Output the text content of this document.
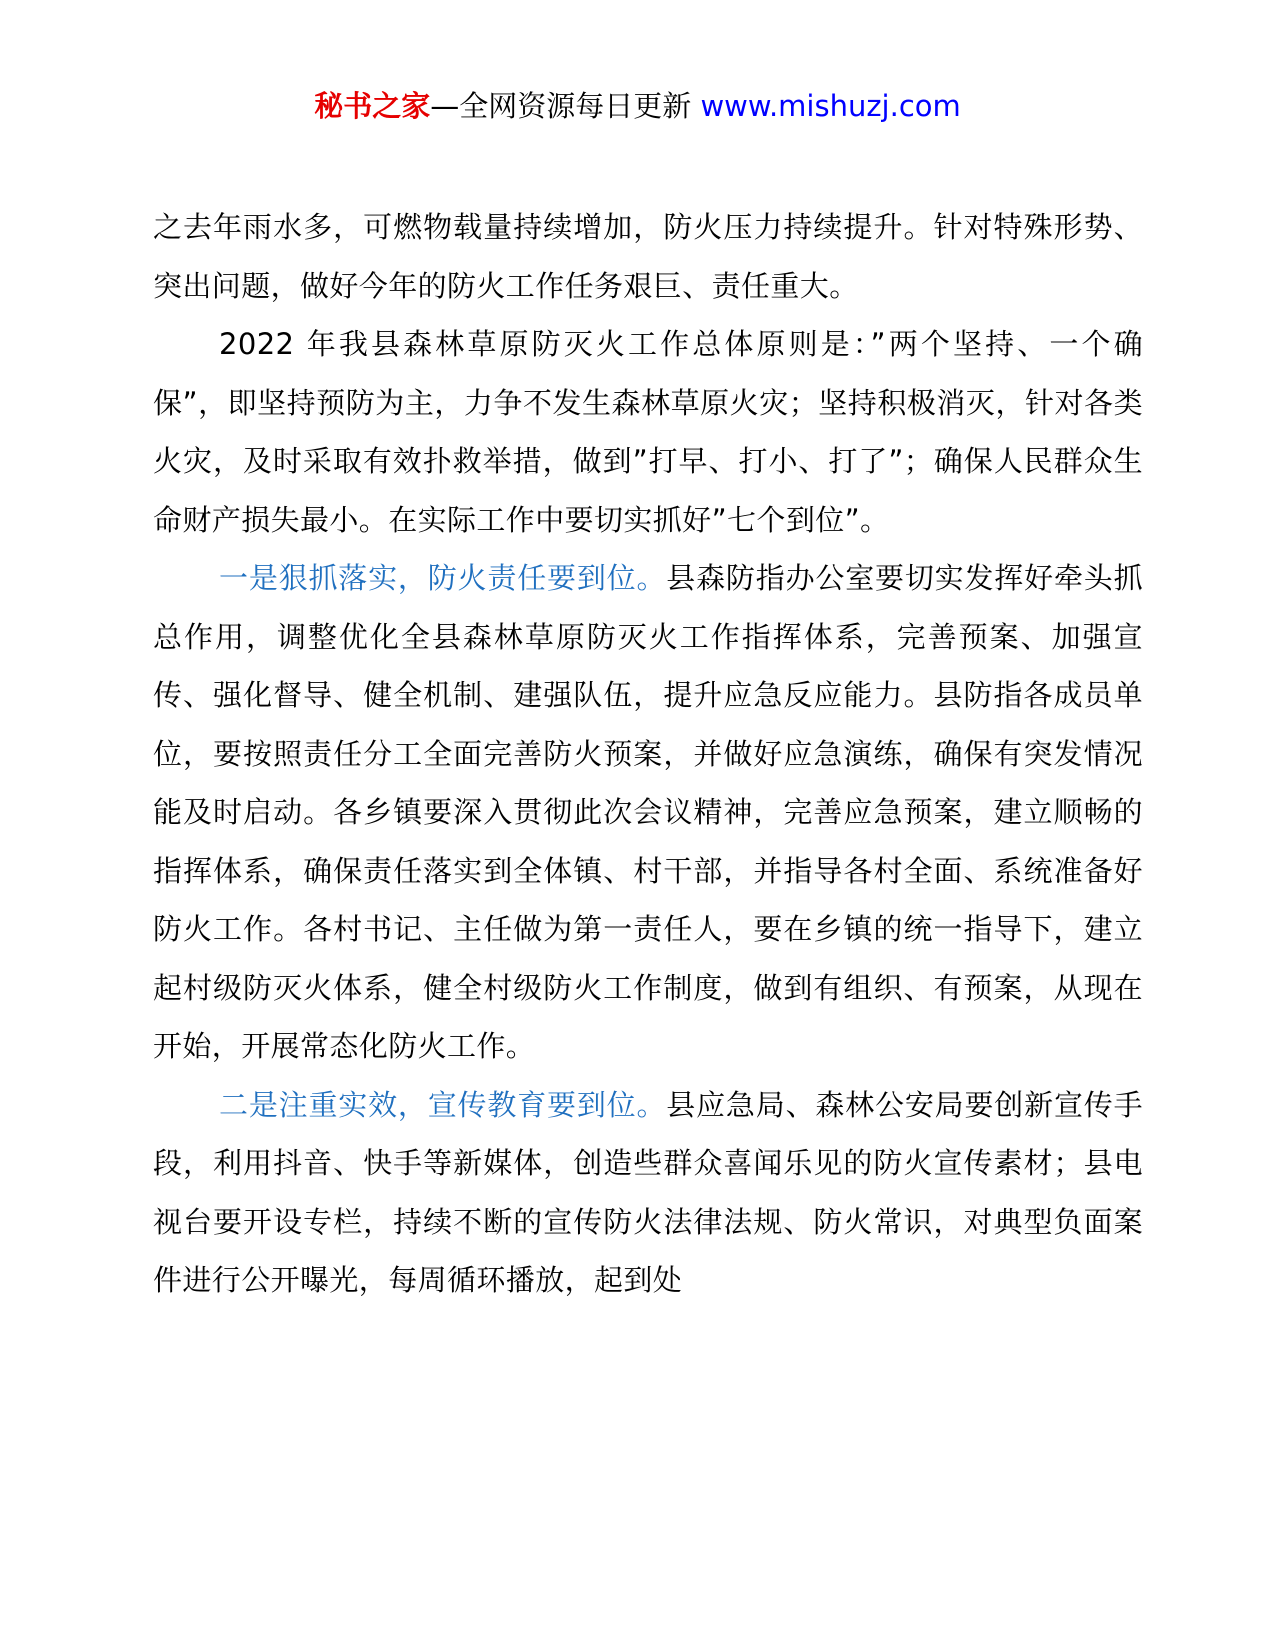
秘书之家—全网资源每日更新 www.mishuzj.com

之去年雨水多，可燃物载量持续增加，防火压力持续提升。针对特殊形势、突出问题，做好今年的防火工作任务艰巨、责任重大。

2022 年我县森林草原防灭火工作总体原则是：”两个坚持、一个确保”，即坚持预防为主，力争不发生森林草原火灾；坚持积极消灭，针对各类火灾，及时采取有效扑救举措，做到”打早、打小、打了”；确保人民群众生命财产损失最小。在实际工作中要切实抓好”七个到位”。

一是狠抓落实，防火责任要到位。县森防指办公室要切实发挥好牵头抓总作用，调整优化全县森林草原防灭火工作指挥体系，完善预案、加强宣传、强化督导、健全机制、建强队伍，提升应急反应能力。县防指各成员单位，要按照责任分工全面完善防火预案，并做好应急演练，确保有突发情况能及时启动。各乡镇要深入贯彻此次会议精神，完善应急预案，建立顺畅的指挥体系，确保责任落实到全体镇、村干部，并指导各村全面、系统准备好防火工作。各村书记、主任做为第一责任人，要在乡镇的统一指导下，建立起村级防灭火体系，健全村级防火工作制度，做到有组织、有预案，从现在开始，开展常态化防火工作。

二是注重实效，宣传教育要到位。县应急局、森林公安局要创新宣传手段，利用抖音、快手等新媒体，创造些群众喜闻乐见的防火宣传素材；县电视台要开设专栏，持续不断的宣传防火法律法规、防火常识，对典型负面案件进行公开曝光，每周循环播放，起到处
